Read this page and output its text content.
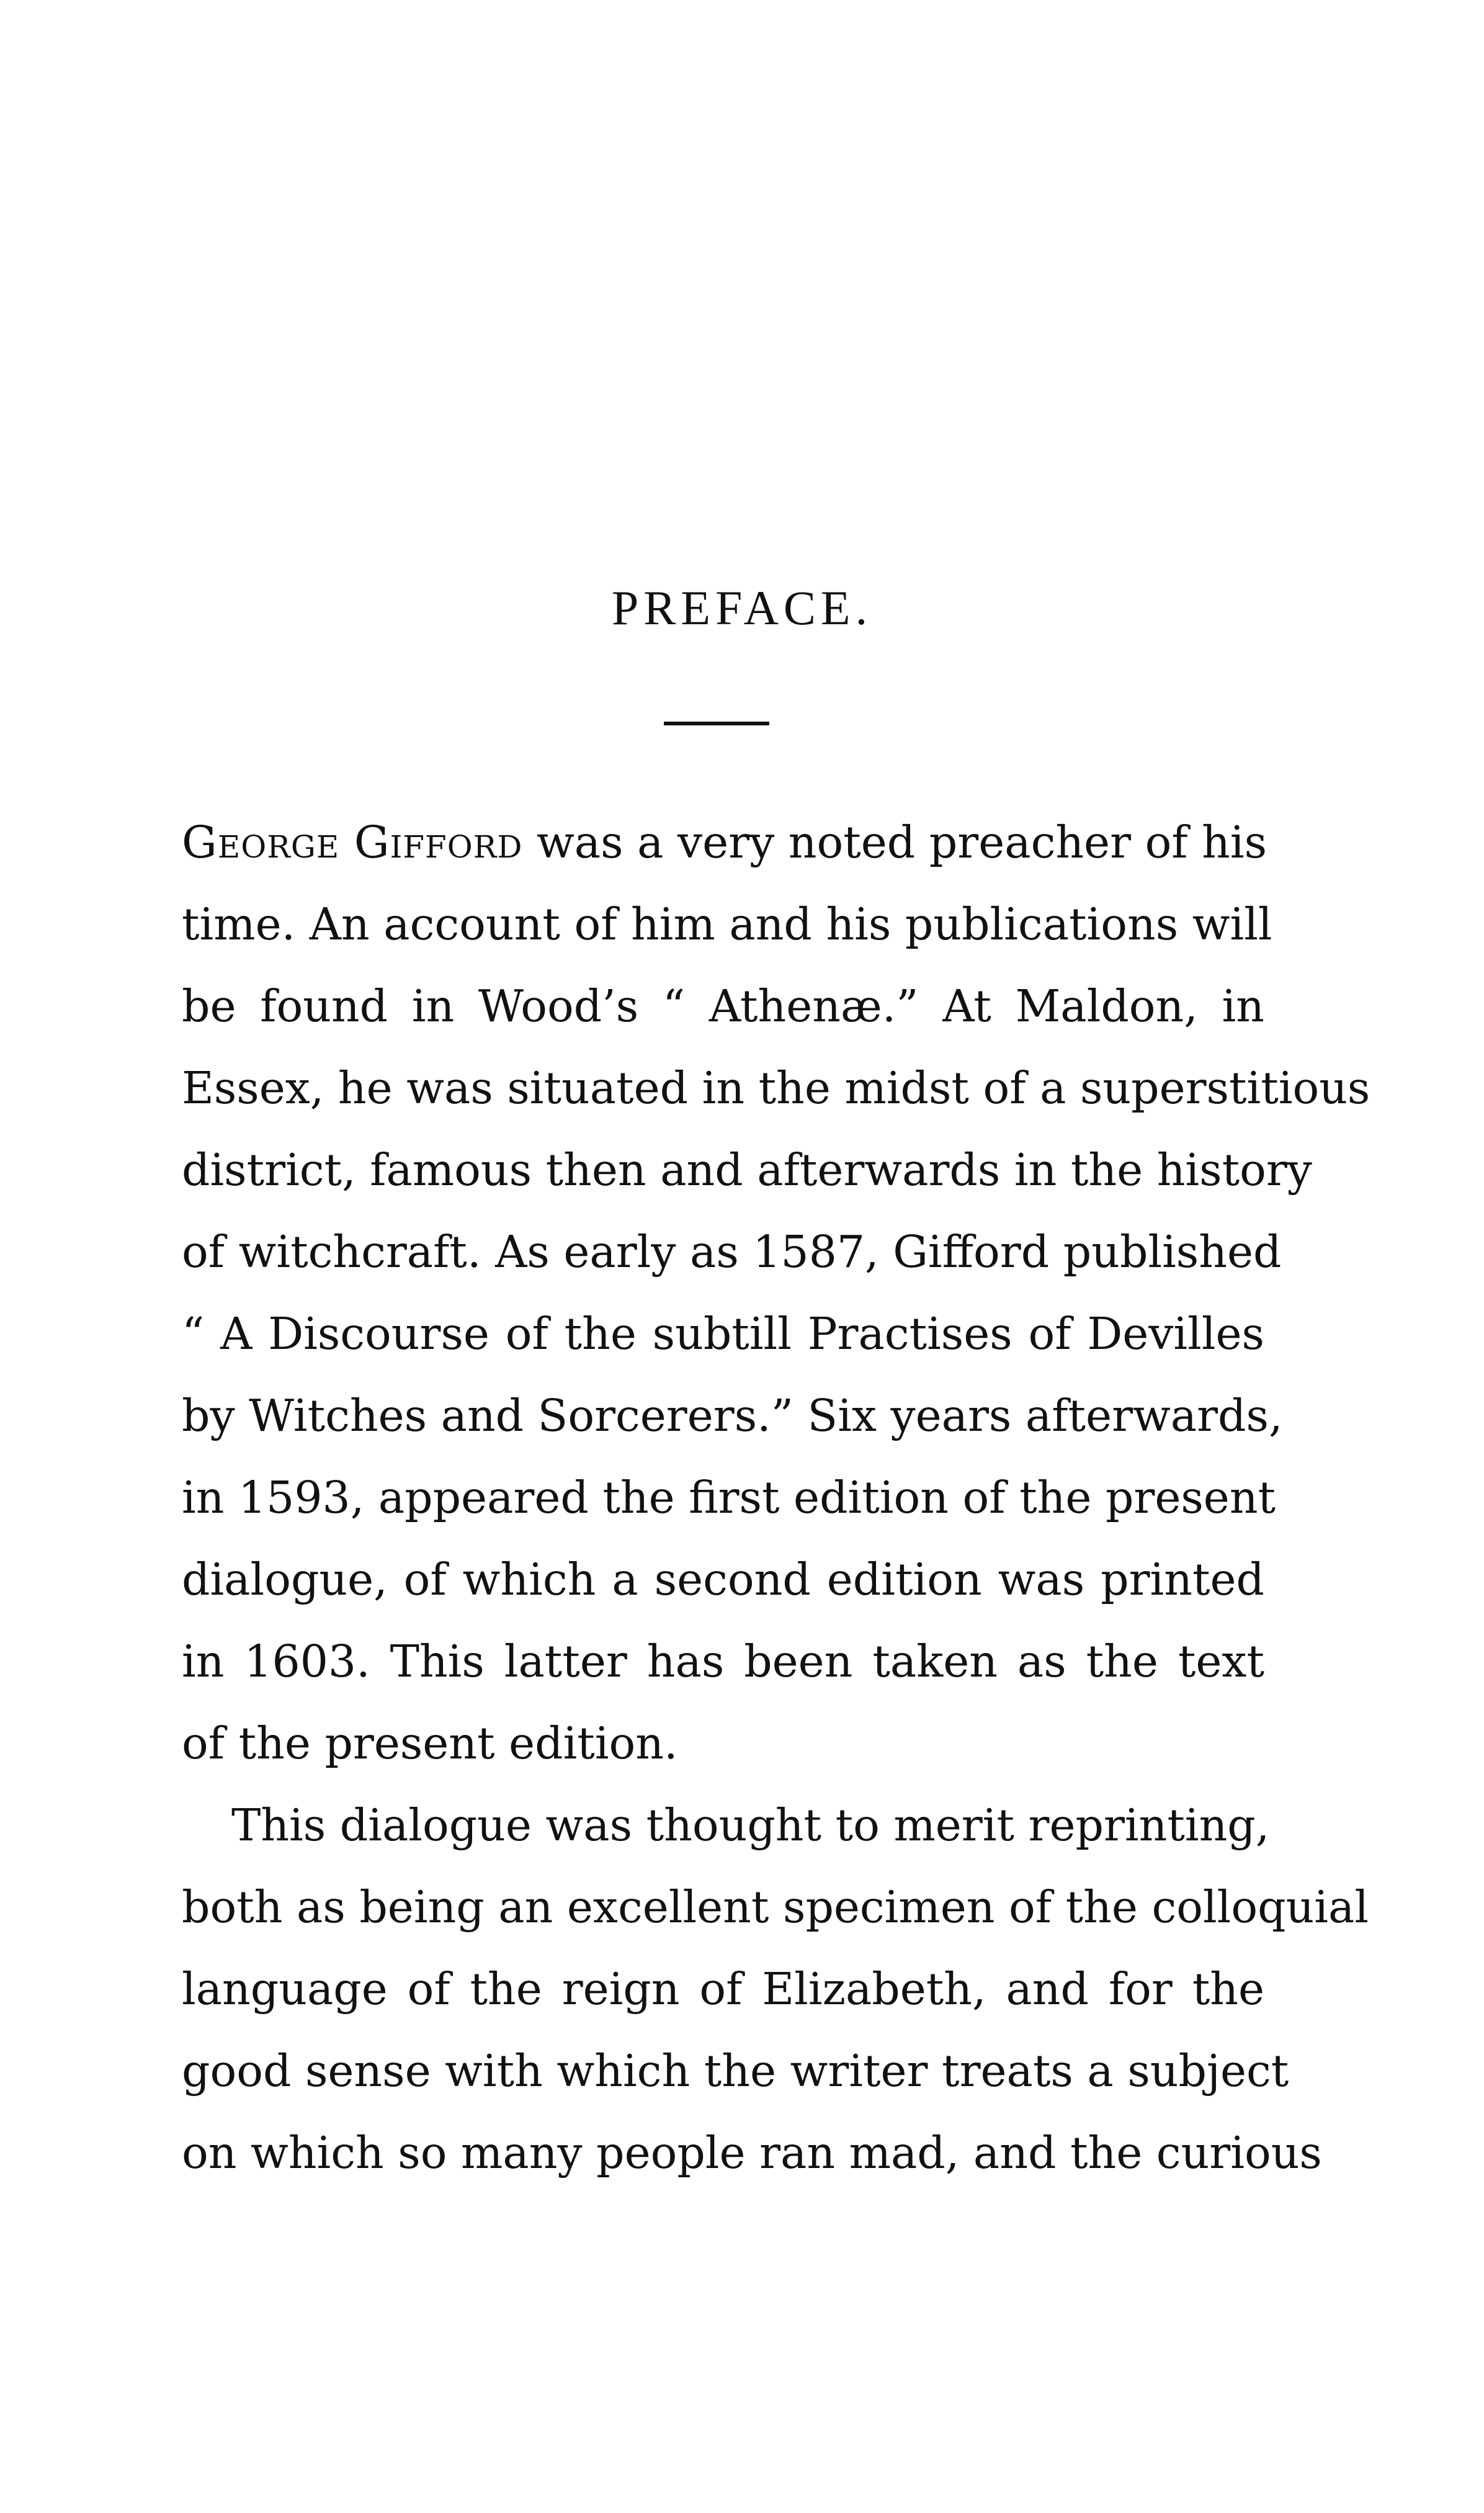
PREFACE.
George Gifford was a very noted preacher of his
time. An account of him and his publications will
be found in Wood’s “ Athenæ.” At Maldon, in
Essex, he was situated in the midst of a superstitious
district, famous then and afterwards in the history
of witchcraft. As early as 1587, Gifford published
“ A Discourse of the subtill Practises of Devilles
by Witches and Sorcerers.” Six years afterwards,
in 1593, appeared the first edition of the present
dialogue, of which a second edition was printed
in 1603. This latter has been taken as the text
of the present edition.
This dialogue was thought to merit reprinting,
both as being an excellent specimen of the colloquial
language of the reign of Elizabeth, and for the
good sense with which the writer treats a subject
on which so many people ran mad, and the curious
